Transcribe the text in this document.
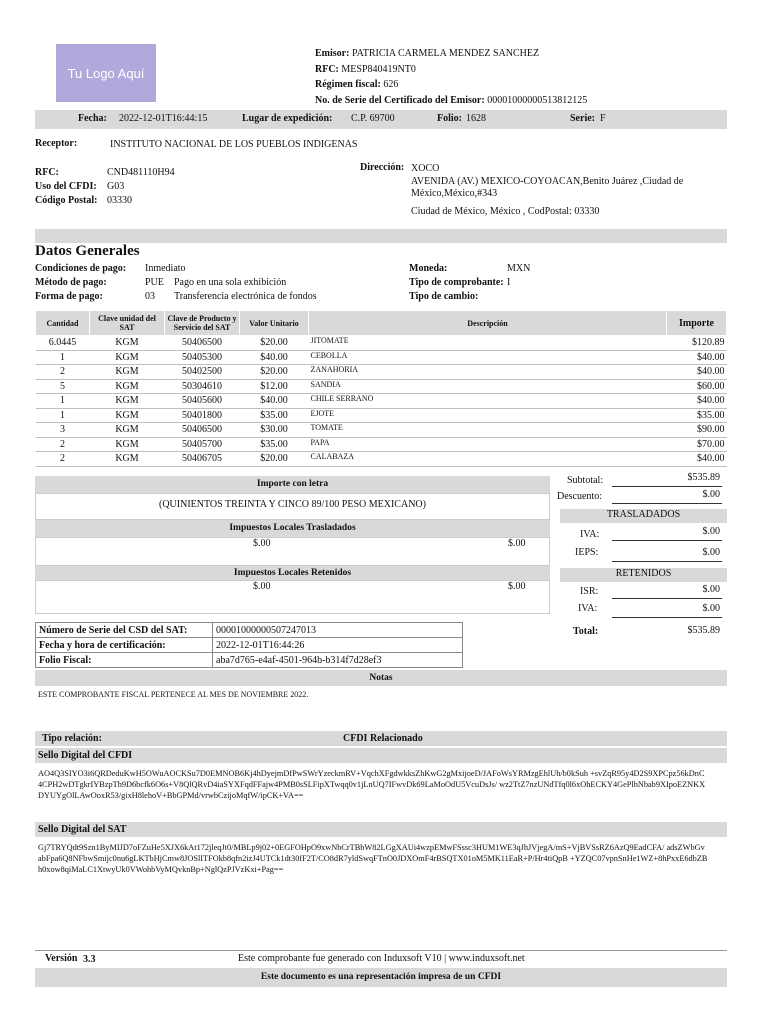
Tu Logo Aquí
Emisor: PATRICIA CARMELA MENDEZ SANCHEZ
RFC: MESP840419NT0
Régimen fiscal: 626
No. de Serie del Certificado del Emisor: 00001000000513812125
Fecha: 2022-12-01T16:44:15	Lugar de expedición: C.P. 69700	Folio: 1628	Serie: F
Receptor:	INSTITUTO NACIONAL DE LOS PUEBLOS INDIGENAS
RFC:	CND481110H94
Uso del CFDI: G03
Código Postal: 03330
Dirección: XOCO
AVENIDA (AV.) MEXICO-COYOACAN,Benito Juárez ,Ciudad de México,México,#343
Ciudad de México, México , CodPostal: 03330
Datos Generales
Condiciones de pago: Inmediato
Método de pago:	PUE Pago en una sola exhibición
Forma de pago:	03 Transferencia electrónica de fondos
Moneda:	MXN
Tipo de comprobante: I
Tipo de cambio:
Cantidad	Clave unidad del SAT	Clave de Producto y Servicio del SAT	Valor Unitario	Descripción	Importe
6.0445	KGM	50406500	$20.00	JITOMATE	$120.89
1	KGM	50405300	$40.00	CEBOLLA	$40.00
2	KGM	50402500	$20.00	ZANAHORIA	$40.00
5	KGM	50304610	$12.00	SANDIA	$60.00
1	KGM	50405600	$40.00	CHILE SERRANO	$40.00
1	KGM	50401800	$35.00	EJOTE	$35.00
3	KGM	50406500	$30.00	TOMATE	$90.00
2	KGM	50405700	$35.00	PAPA	$70.00
2	KGM	50406705	$20.00	CALABAZA	$40.00
Importe con letra
(QUINIENTOS TREINTA Y CINCO 89/100 PESO MEXICANO)
Impuestos Locales Trasladados
$.00	$.00
Impuestos Locales Retenidos
$.00	$.00
Subtotal:	$535.89
Descuento:	$.00
TRASLADADOS
IVA:	$.00
IEPS:	$.00
RETENIDOS
ISR:	$.00
IVA:	$.00
Total:	$535.89
Número de Serie del CSD del SAT:	00001000000507247013
Fecha y hora de certificación:	2022-12-01T16:44:26
Folio Fiscal:	aba7d765-e4af-4501-964b-b314f7d28ef3
Notas
ESTE COMPROBANTE FISCAL PERTENECE AL MES DE NOVIEMBRE 2022.
Tipo relación:	CFDI Relacionado
Sello Digital del CFDI
AO4Q3SIYO3i6QRDeduKwH5OWuAOCKSu7D0EMNOB6Kj4hDyejmDfPwSWrYzeckmRV+VqchXFgdwkksZhKwG2gMxijoeD/JAFoWsYRMzgEhlUh/b0kSuh +svZqR95y4D2S9XPCpz56kDnC4CPH2wDTgkrIYBzpTh9D6bcfk6O6s+V8QlQRvD4iaSYXFqdFFajw4PMB0sSLFipXTwqq0v1jLnUQ7IFwvDk69LaMoOdU5VcuDsJs/ wz2TtZ7nzUNdTfq0l6xOhECKY4GePlhNbab9XIpoEZNKXDYUYgOlLAwOoxR53/gixH8lehoV+BbGPMd/vrwbCzijoMqfW/ipCK+VA==
Sello Digital del SAT
Gj7TRYQdt9Szn1ByMIJD7oFZuHe5XJX6kAt172jleqJt0/MBLp9j02+0EGFOHpO9xwNbCrTBbW82LGgXAUi4wzpEMwFSssc3HUM1WE3qJhJVjegA/mS+VjBVSsRZ6AzQ9EadCFA/ adsZWbGvabFpa6Q8NFbwSmijc0nu6gLKTbHjCmw8JOSlITFOkb8qfn2izJ4UTCk1dt30fF2T/CO8dR7yldSwqFTnO0JDXOmF4rBSQTX01oM5MK11EaR+P/Hr4tiQpB +YZQC07vpnSnHe1WZ+8hPxxE6dbZBh0xow8qiMaLC1XtwyUk0VWohbVyMQvknBp+NglQzPJVzKxi+Pag==
Versión 3.3	Este comprobante fue generado con Induxsoft V10 | www.induxsoft.net
Este documento es una representación impresa de un CFDI
